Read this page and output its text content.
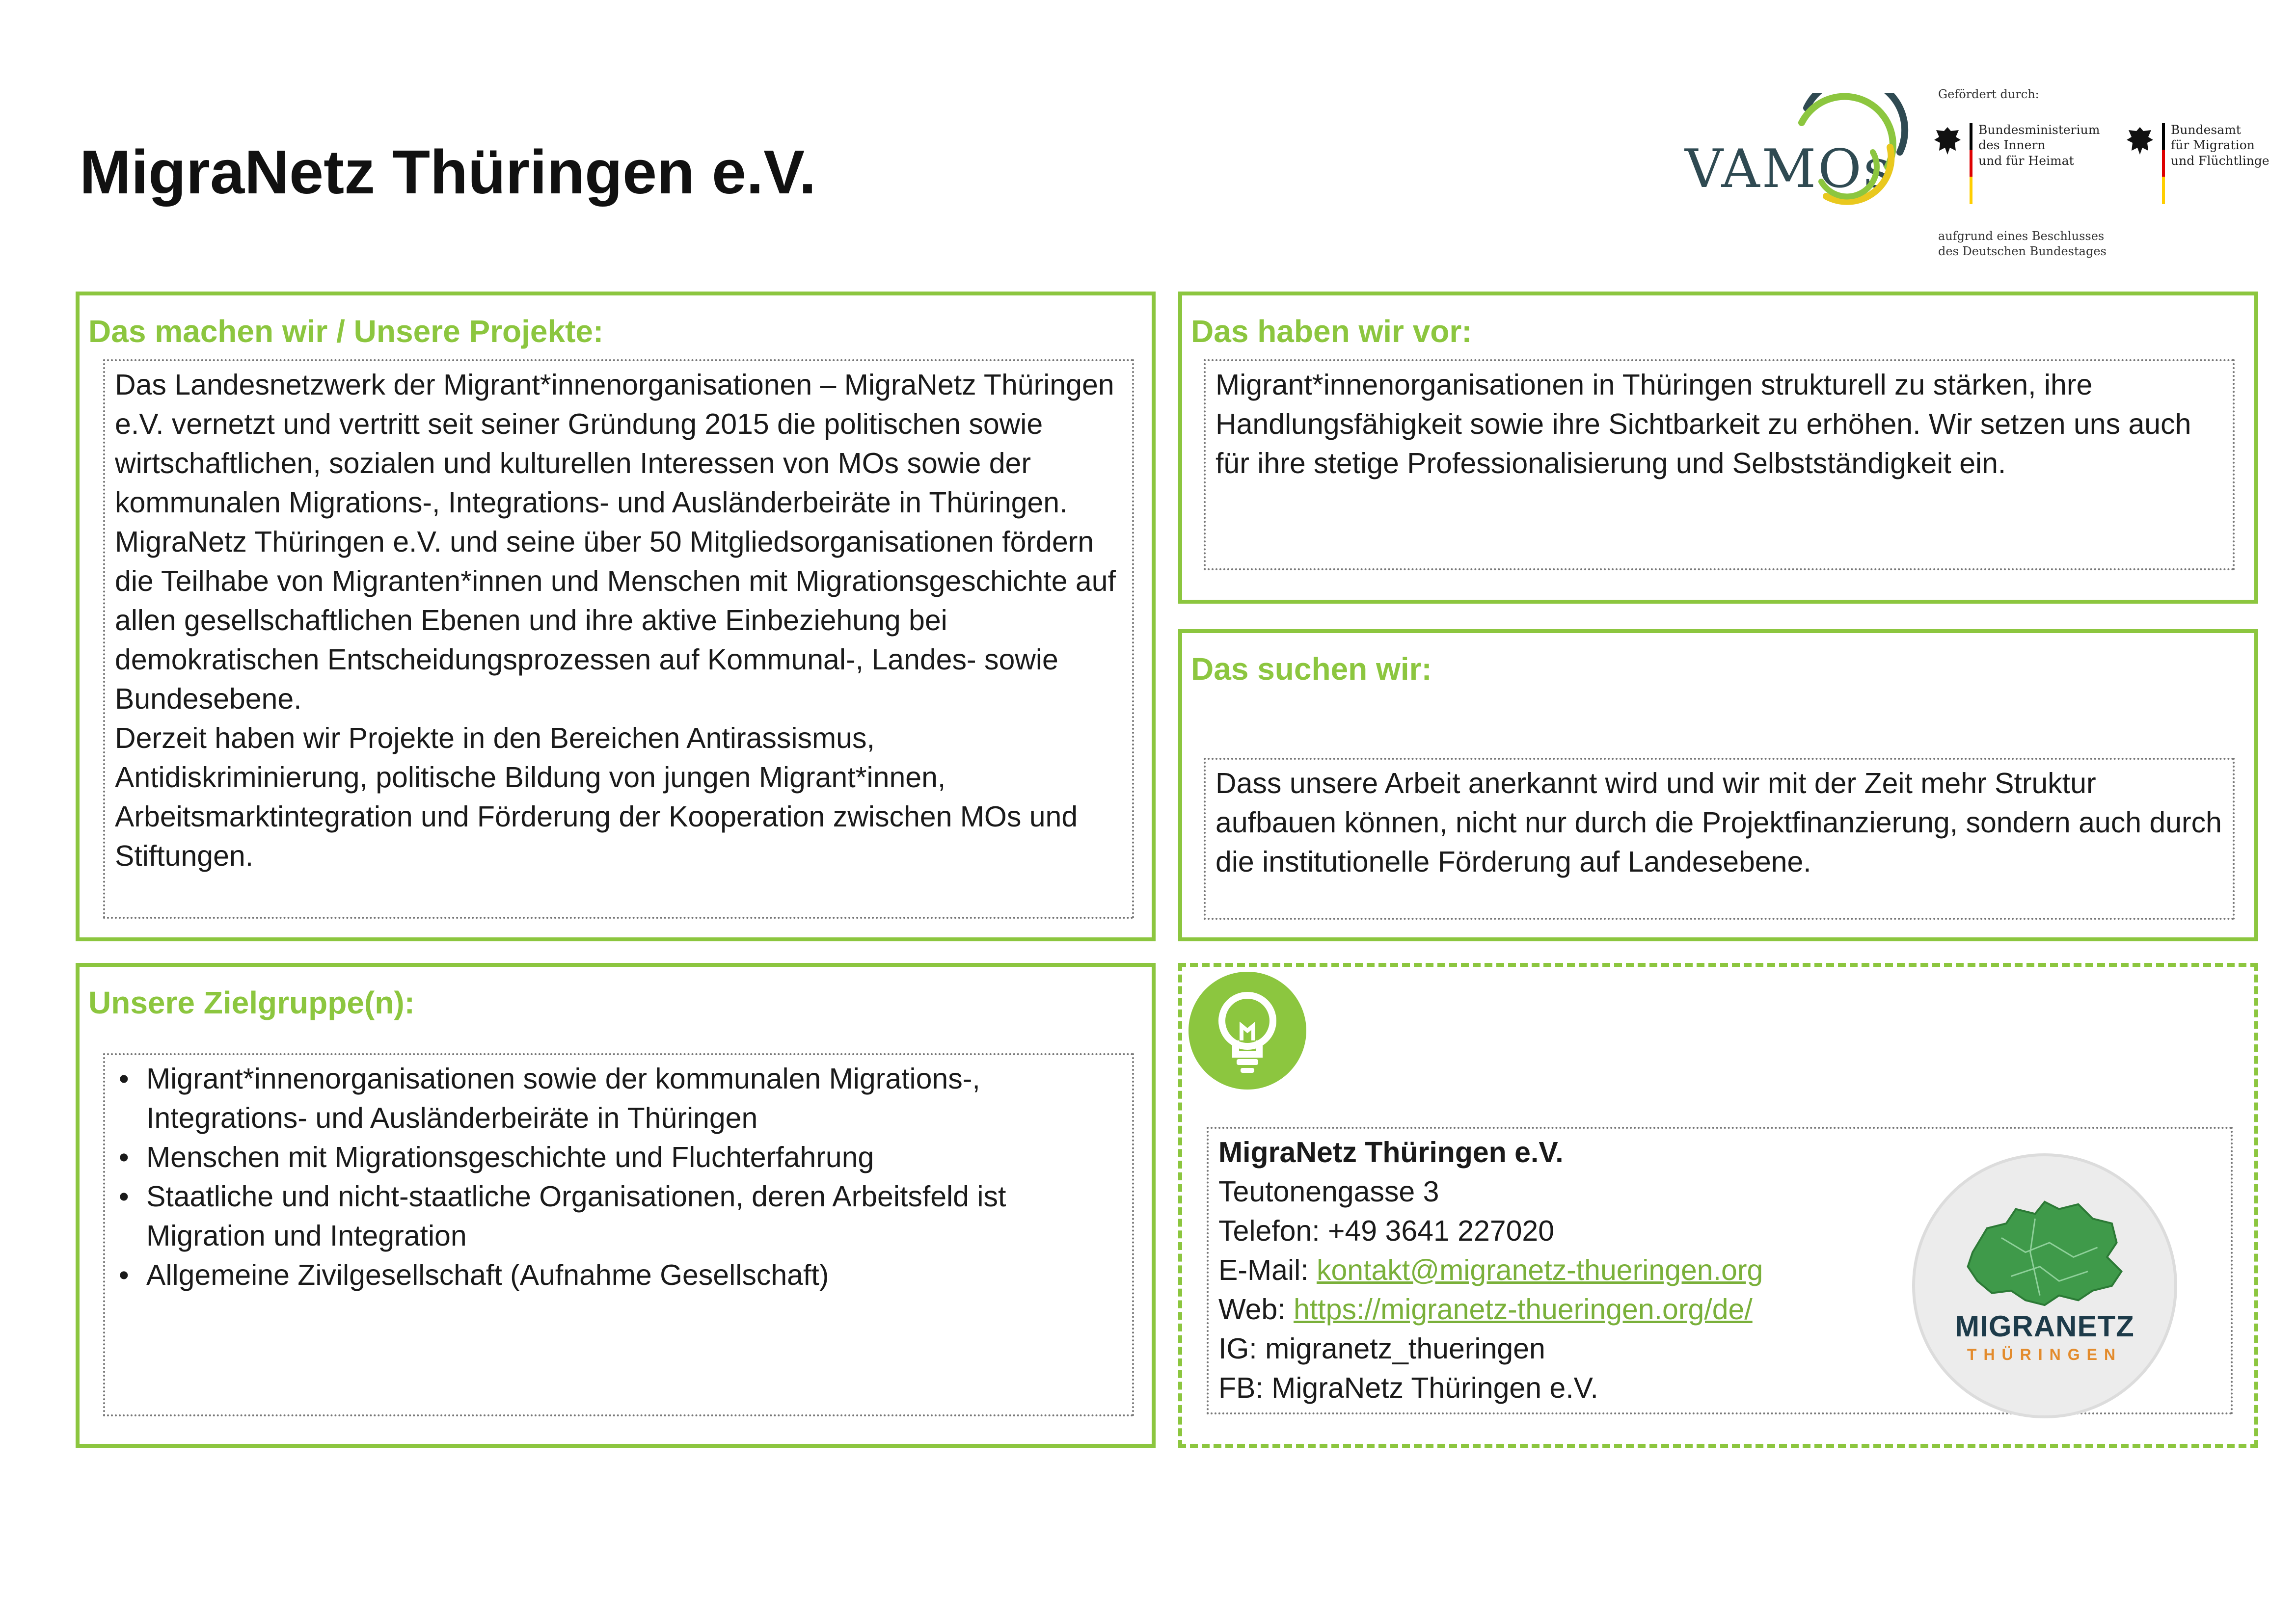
MigraNetz Thüringen e.V.	VAMOs
Gefördert durch:
Bundesministerium
des Innern
und für Heimat
Bundesamt
für Migration
und Flüchtlinge
aufgrund eines Beschlusses
des Deutschen Bundestages
Das machen wir / Unsere Projekte:

Das Landesnetzwerk der Migrant*innenorganisationen – MigraNetz Thüringen e.V. vernetzt und vertritt seit seiner Gründung 2015 die politischen sowie wirtschaftlichen, sozialen und kulturellen Interessen von MOs sowie der kommunalen Migrations-, Integrations- und Ausländerbeiräte in Thüringen.

MigraNetz Thüringen e.V. und seine über 50 Mitgliedsorganisationen fördern die Teilhabe von Migranten*innen und Menschen mit Migrationsgeschichte auf allen gesellschaftlichen Ebenen und ihre aktive Einbeziehung bei demokratischen Entscheidungsprozessen auf Kommunal-, Landes- sowie Bundesebene.

Derzeit haben wir Projekte in den Bereichen Antirassismus, Antidiskriminierung, politische Bildung von jungen Migrant*innen, Arbeitsmarktintegration und Förderung der Kooperation zwischen MOs und Stiftungen.

Das haben wir vor:

Migrant*innenorganisationen in Thüringen strukturell zu stärken, ihre Handlungsfähigkeit sowie ihre Sichtbarkeit zu erhöhen. Wir setzen uns auch für ihre stetige Professionalisierung und Selbstständigkeit ein.

Das suchen wir:

Dass unsere Arbeit anerkannt wird und wir mit der Zeit mehr Struktur aufbauen können, nicht nur durch die Projektfinanzierung, sondern auch durch die institutionelle Förderung auf Landesebene.

Unsere Zielgruppe(n):
• Migrant*innenorganisationen sowie der kommunalen Migrations-, Integrations- und Ausländerbeiräte in Thüringen
• Menschen mit Migrationsgeschichte und Fluchterfahrung
• Staatliche und nicht-staatliche Organisationen, deren Arbeitsfeld ist Migration und Integration
• Allgemeine Zivilgesellschaft (Aufnahme Gesellschaft)
MigraNetz Thüringen e.V.
Teutonengasse 3
Telefon: +49 3641 227020
E-Mail: kontakt@migranetz-thueringen.org
Web: https://migranetz-thueringen.org/de/
IG: migranetz_thueringen
FB: MigraNetz Thüringen e.V.
MIGRANETZ
THÜRINGEN
